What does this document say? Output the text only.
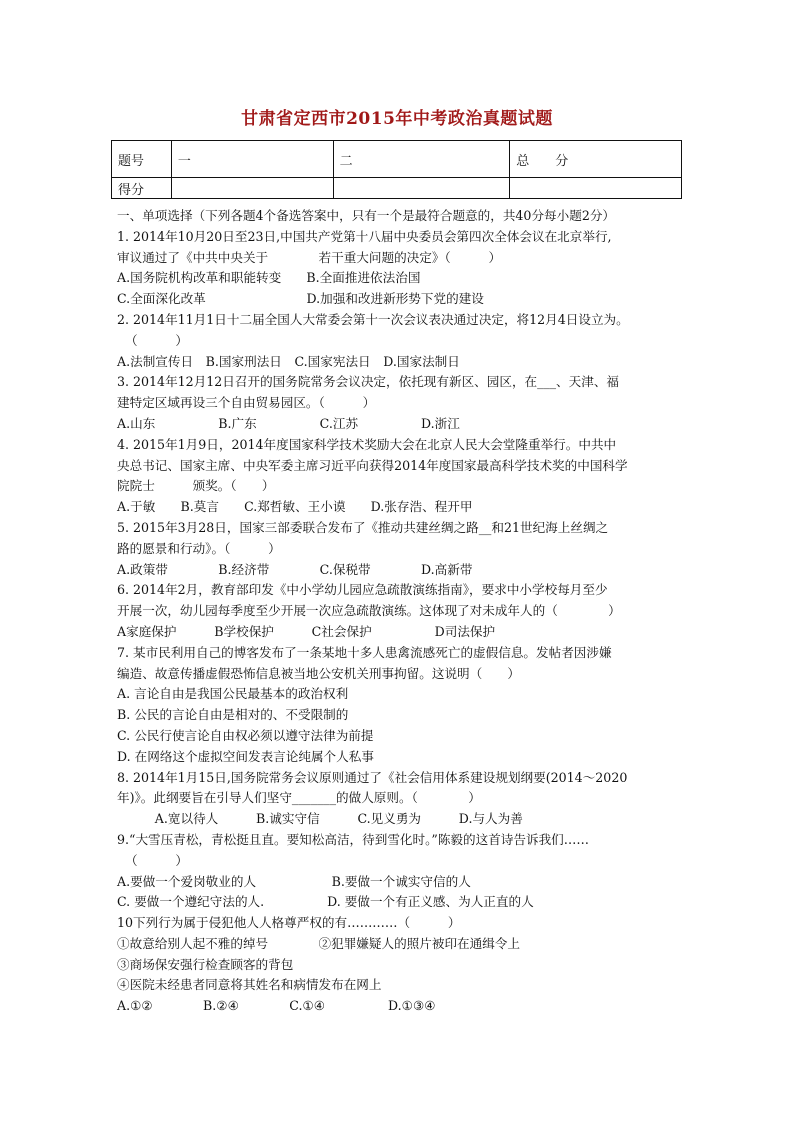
甘肃省定西市2015年中考政治真题试题
题号	一	二	总　　分
得分			
一、单项选择（下列各题4个备选答案中，只有一个是最符合题意的，共40分每小题2分）
1. 2014年10月20日至23日,中国共产党第十八届中央委员会第四次全体会议在北京举行,
审议通过了《中共中央关于　　　　若干重大问题的决定》（　　　）
A.国务院机构改革和职能转变　　B.全面推进依法治国
C.全面深化改革　　　　　　　　D.加强和改进新形势下党的建设
2. 2014年11月1日十二届全国人大常委会第十一次会议表决通过决定，将12月4日设立为。
（　　　）
A.法制宣传日　B.国家刑法日　C.国家宪法日　D.国家法制日
3. 2014年12月12日召开的国务院常务会议决定，依托现有新区、园区，在___、天津、福
建特定区域再设三个自由贸易园区。（　　　）
A.山东　　　　　B.广东　　　　　C.江苏　　　　　D.浙江
4. 2015年1月9日，2014年度国家科学技术奖励大会在北京人民大会堂隆重举行。中共中
央总书记、国家主席、中央军委主席习近平向获得2014年度国家最高科学技术奖的中国科学
院院士　　　颁奖。（　　）
A.于敏　　B.莫言　　C.郑哲敏、王小谟　　D.张存浩、程开甲
5. 2015年3月28日，国家三部委联合发布了《推动共建丝绸之路__和21世纪海上丝绸之
路的愿景和行动》。（　　　）
A.政策带　　　　B.经济带　　　　C.保税带　　　　D.高新带
6. 2014年2月，教育部印发《中小学幼儿园应急疏散演练指南》，要求中小学校每月至少
开展一次，幼儿园每季度至少开展一次应急疏散演练。这体现了对未成年人的（　　　　）
A家庭保护　　　B学校保护　　　C社会保护　　　　　D司法保护
7. 某市民利用自己的博客发布了一条某地十多人患禽流感死亡的虚假信息。发帖者因涉嫌
编造、故意传播虚假恐怖信息被当地公安机关刑事拘留。这说明（　　）
A. 言论自由是我国公民最基本的政治权利
B. 公民的言论自由是相对的、不受限制的
C. 公民行使言论自由权必须以遵守法律为前提
D. 在网络这个虚拟空间发表言论纯属个人私事
8. 2014年1月15日,国务院常务会议原则通过了《社会信用体系建设规划纲要(2014～2020
年)》。此纲要旨在引导人们坚守_______的做人原则。（　　　　）
　　　A.宽以待人　　　B.诚实守信　　　C.见义勇为　　　D.与人为善
9.“大雪压青松，青松挺且直。要知松高洁，待到雪化时。”陈毅的这首诗告诉我们……
（　　　）
A.要做一个爱岗敬业的人　　　　　　B.要做一个诚实守信的人
C. 要做一个遵纪守法的人.　　　　　D. 要做一个有正义感、为人正直的人
10下列行为属于侵犯他人人格尊严权的有…………（　　　）
①故意给别人起不雅的绰号　　　　②犯罪嫌疑人的照片被印在通缉令上
③商场保安强行检查顾客的背包
④医院未经患者同意将其姓名和病情发布在网上
A.①②　　　　B.②④　　　　C.①④　　　　　D.①③④
